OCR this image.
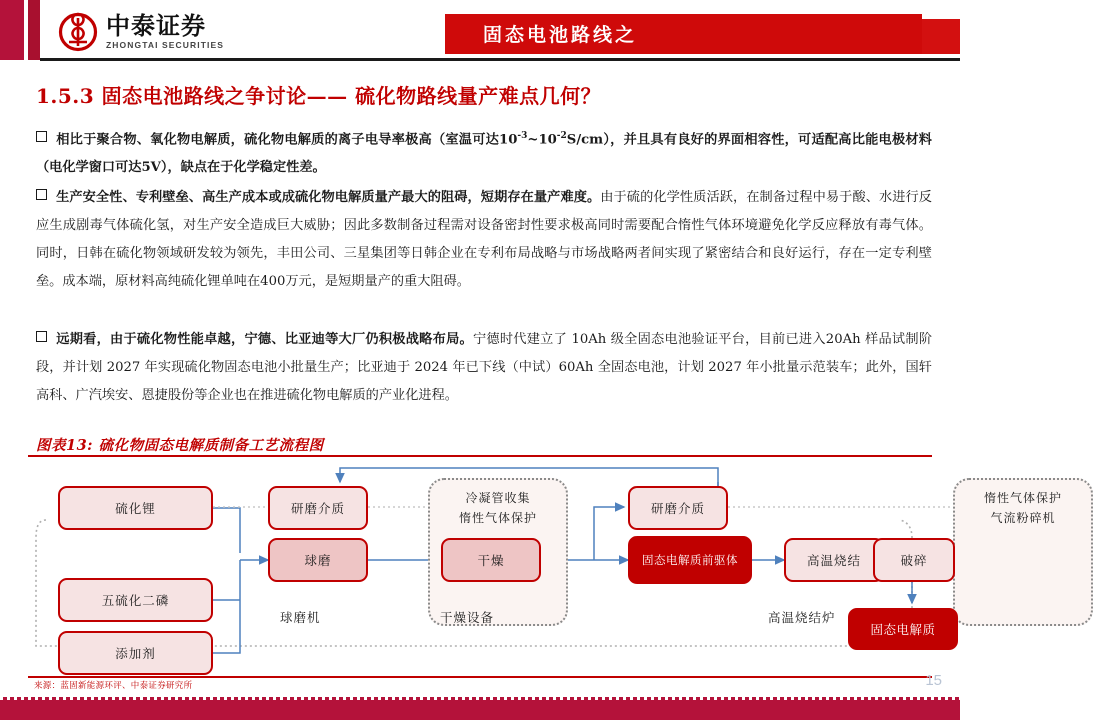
中泰证券
ZHONGTAI SECURITIES	固态电池路线之
1.5.3 固态电池路线之争讨论—— 硫化物路线量产难点几何？
相比于聚合物、氧化物电解质，硫化物电解质的离子电导率极高（室温可达$10^{-3}\sim 10^{-2}S/cm$），并且具有良好的界面相容性，可适配高比能电极材料（电化学窗口可达5V），缺点在于化学稳定性差。
生产安全性、专利壁垒、高生产成本或成硫化物电解质量产最大的阻碍，短期存在量产难度。由于硫的化学性质活跃，在制备过程中易于酸、水进行反应生成剧毒气体硫化氢，对生产安全造成巨大威胁；因此多数制备过程需对设备密封性要求极高同时需要配合惰性气体环境避免化学反应释放有毒气体。同时，日韩在硫化物领域研发较为领先，丰田公司、三星集团等日韩企业在专利布局战略与市场战略两者间实现了紧密结合和良好运行，存在一定专利壁垒。成本端，原材料高纯硫化锂单吨在400万元，是短期量产的重大阻碍。
远期看，由于硫化物性能卓越，宁德、比亚迪等大厂仍积极战略布局。宁德时代建立了 10Ah 级全固态电池验证平台，目前已进入20Ah 样品试制阶段，并计划 2027 年实现硫化物固态电池小批量生产；比亚迪于 2024 年已下线（中试）60Ah 全固态电池，计划 2027 年小批量示范装车；此外，国轩高科、广汽埃安、恩捷股份等企业也在推进硫化物电解质的产业化进程。
图表13: 硫化物固态电解质制备工艺流程图
冷凝管收集
惰性气体保护
惰性气体保护
气流粉碎机
硫化锂
五硫化二磷
添加剂
研磨介质
球磨	干燥
研磨介质
固态电解质前驱体	高温烧结	破碎
固态电解质
球磨机	干燥设备	高温烧结炉
来源：蓝固新能源环评、中泰证券研究所	15
